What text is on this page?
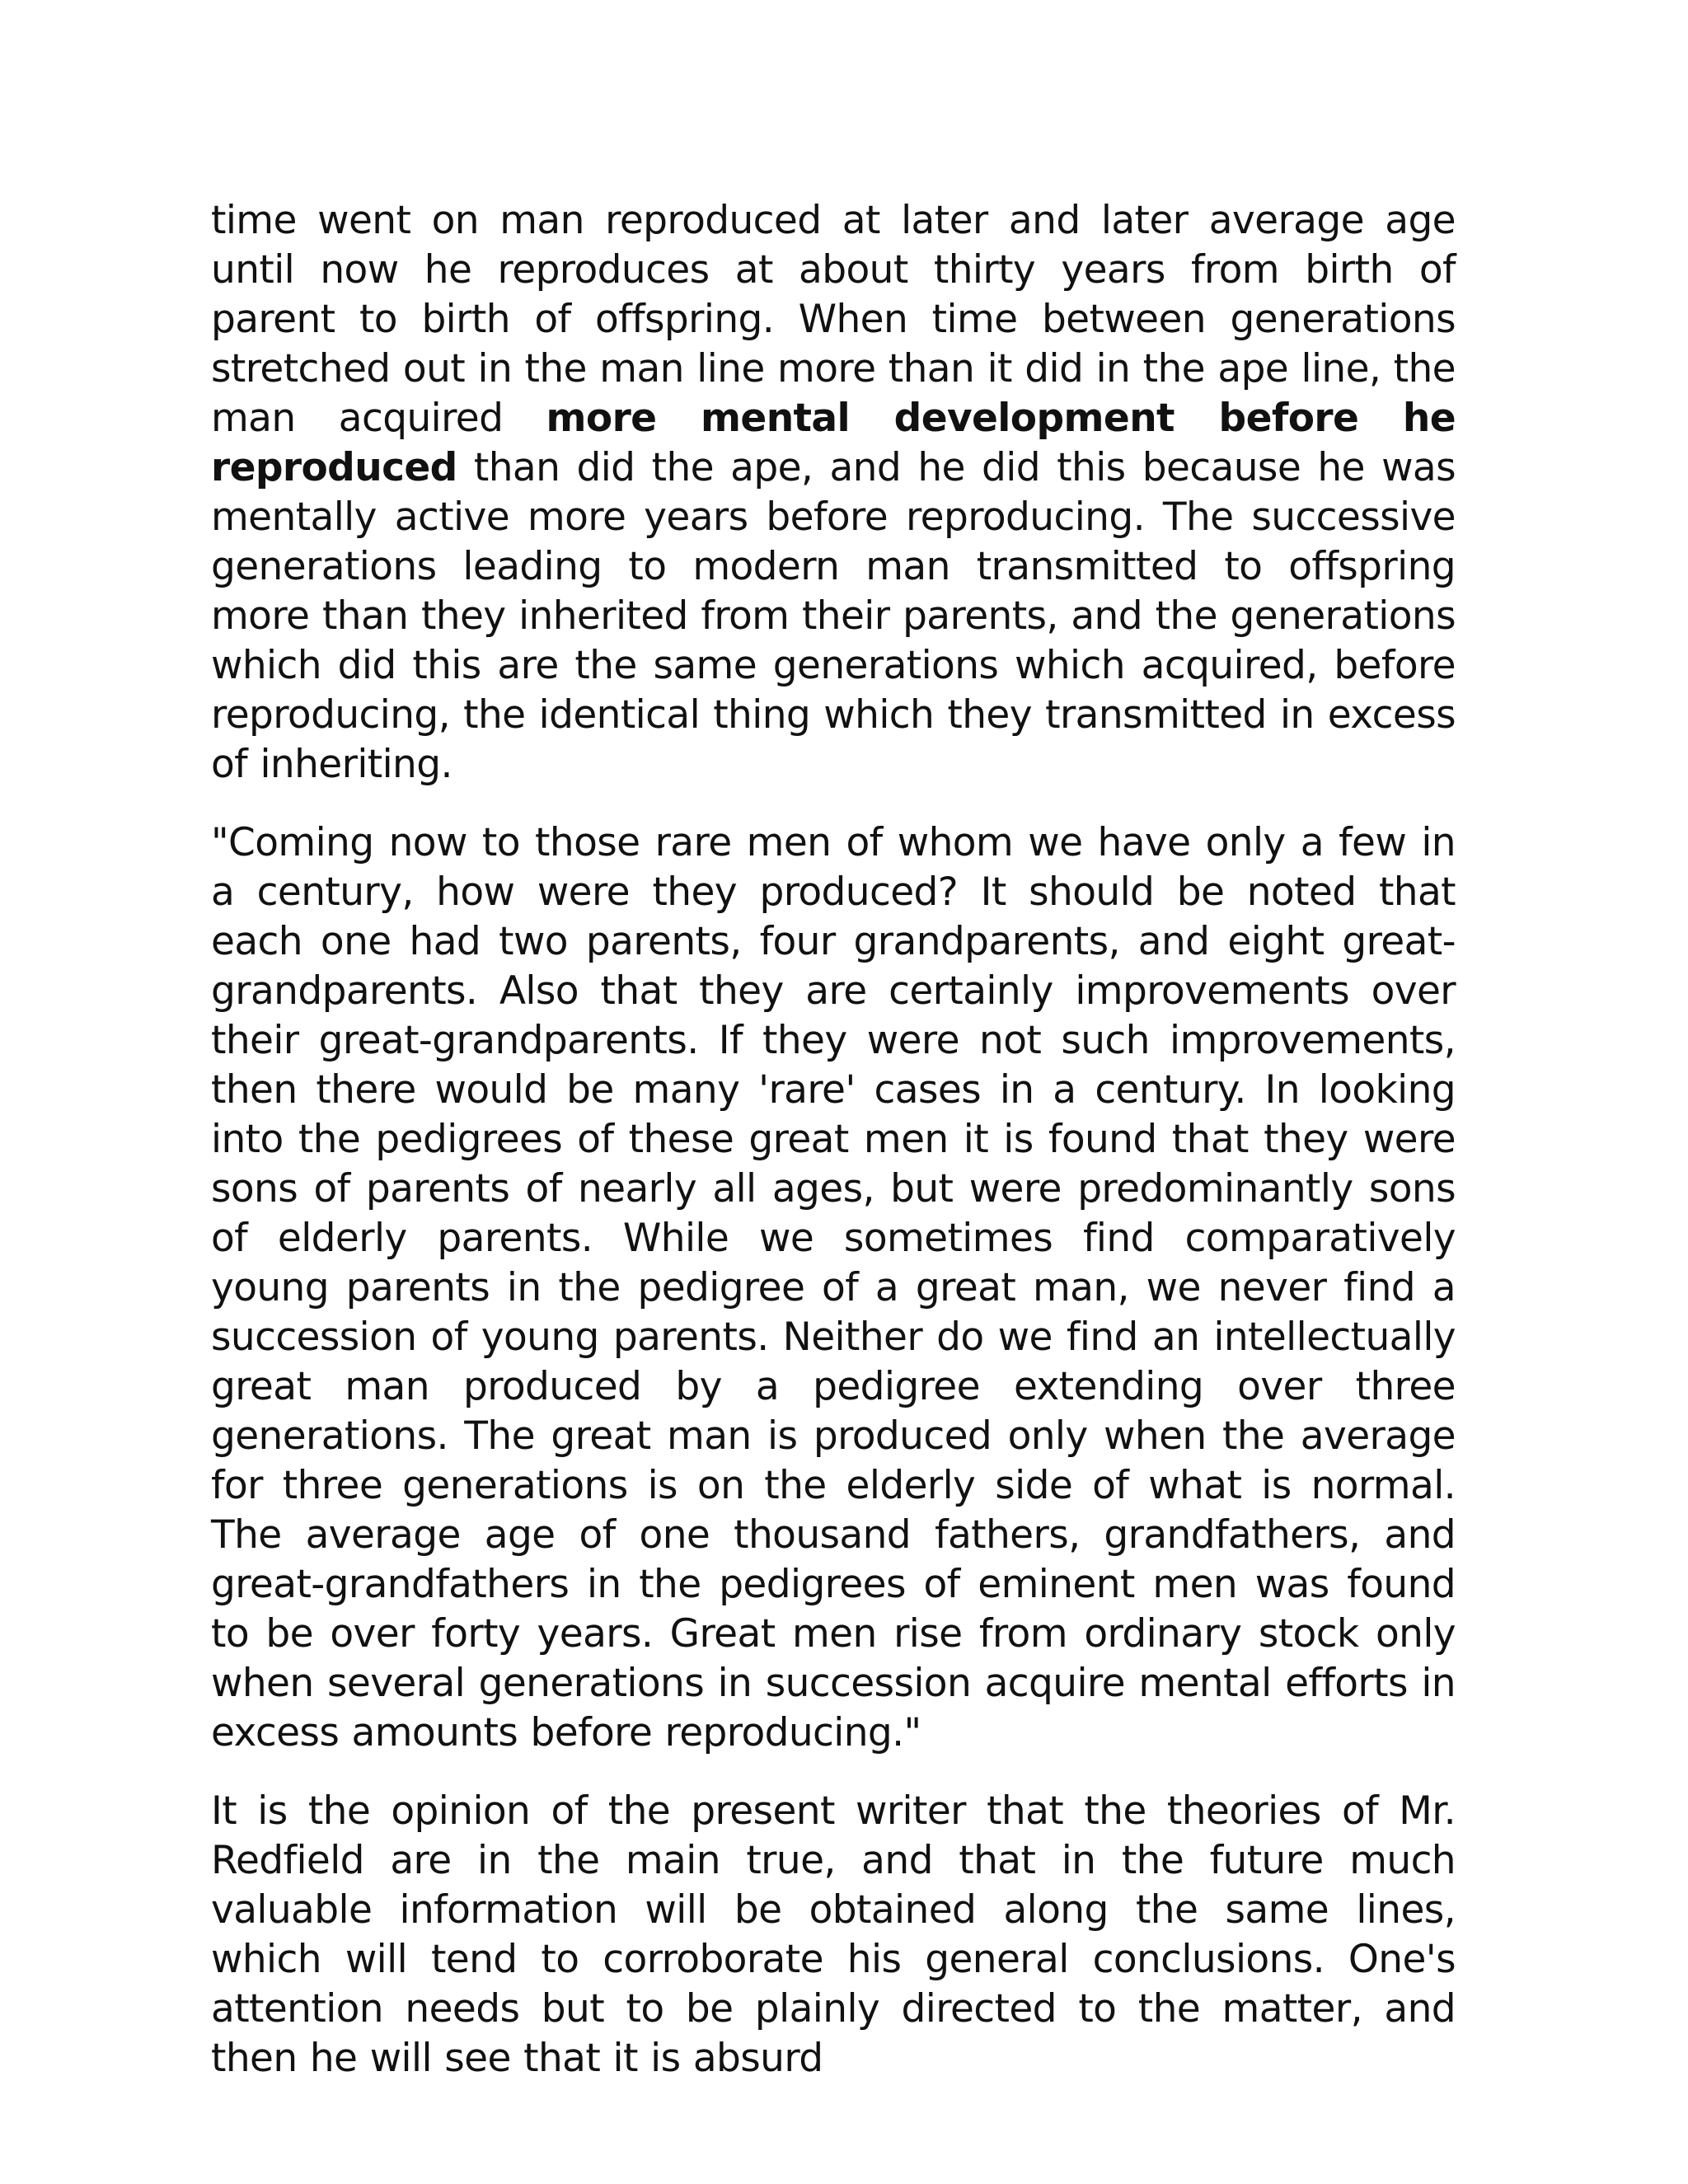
time went on man reproduced at later and later average age until now he reproduces at about thirty years from birth of parent to birth of offspring. When time between generations stretched out in the man line more than it did in the ape line, the man acquired more mental development before he reproduced than did the ape, and he did this because he was mentally active more years before reproducing. The successive generations leading to modern man transmitted to offspring more than they inherited from their parents, and the generations which did this are the same generations which acquired, before reproducing, the identical thing which they transmitted in excess of inheriting.

"Coming now to those rare men of whom we have only a few in a century, how were they produced? It should be noted that each one had two parents, four grandparents, and eight great-grandparents. Also that they are certainly improvements over their great-grandparents. If they were not such improvements, then there would be many 'rare' cases in a century. In looking into the pedigrees of these great men it is found that they were sons of parents of nearly all ages, but were predominantly sons of elderly parents. While we sometimes find comparatively young parents in the pedigree of a great man, we never find a succession of young parents. Neither do we find an intellectually great man produced by a pedigree extending over three generations. The great man is produced only when the average for three generations is on the elderly side of what is normal. The average age of one thousand fathers, grandfathers, and great-grandfathers in the pedigrees of eminent men was found to be over forty years. Great men rise from ordinary stock only when several generations in succession acquire mental efforts in excess amounts before reproducing."

It is the opinion of the present writer that the theories of Mr. Redfield are in the main true, and that in the future much valuable information will be obtained along the same lines, which will tend to corroborate his general conclusions. One's attention needs but to be plainly directed to the matter, and then he will see that it is absurd
